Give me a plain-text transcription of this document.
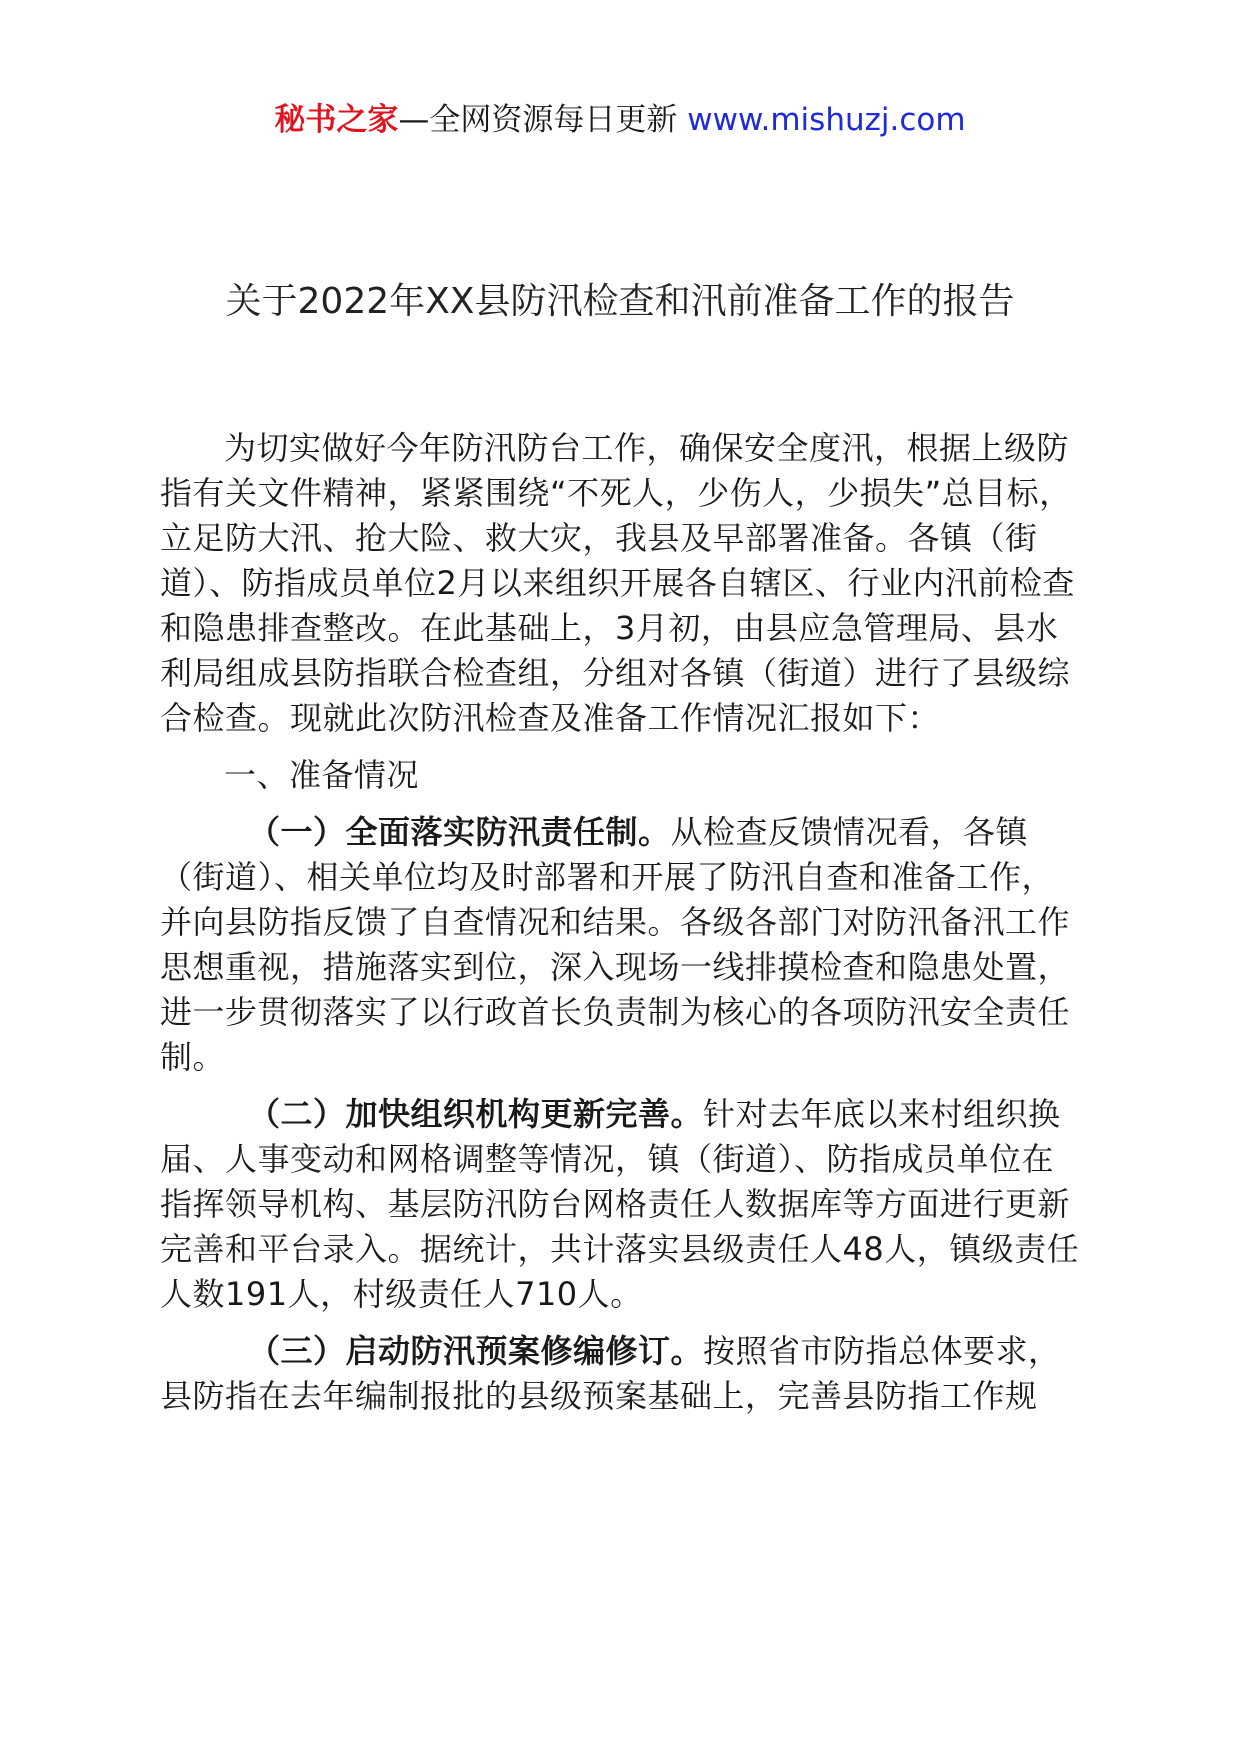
秘书之家—全网资源每日更新 www.mishuzj.com
关于2022年XX县防汛检查和汛前准备工作的报告

为切实做好今年防汛防台工作，确保安全度汛，根据上级防指有关文件精神，紧紧围绕“不死人，少伤人，少损失”总目标，立足防大汛、抢大险、救大灾，我县及早部署准备。各镇（街道）、防指成员单位2月以来组织开展各自辖区、行业内汛前检查和隐患排查整改。在此基础上，3月初，由县应急管理局、县水利局组成县防指联合检查组，分组对各镇（街道）进行了县级综合检查。现就此次防汛检查及准备工作情况汇报如下：

一、准备情况

（一）全面落实防汛责任制。从检查反馈情况看，各镇（街道）、相关单位均及时部署和开展了防汛自查和准备工作，并向县防指反馈了自查情况和结果。各级各部门对防汛备汛工作思想重视，措施落实到位，深入现场一线排摸检查和隐患处置，进一步贯彻落实了以行政首长负责制为核心的各项防汛安全责任制。

（二）加快组织机构更新完善。针对去年底以来村组织换届、人事变动和网格调整等情况，镇（街道）、防指成员单位在指挥领导机构、基层防汛防台网格责任人数据库等方面进行更新完善和平台录入。据统计，共计落实县级责任人48人，镇级责任人数191人，村级责任人710人。

（三）启动防汛预案修编修订。按照省市防指总体要求，县防指在去年编制报批的县级预案基础上，完善县防指工作规
